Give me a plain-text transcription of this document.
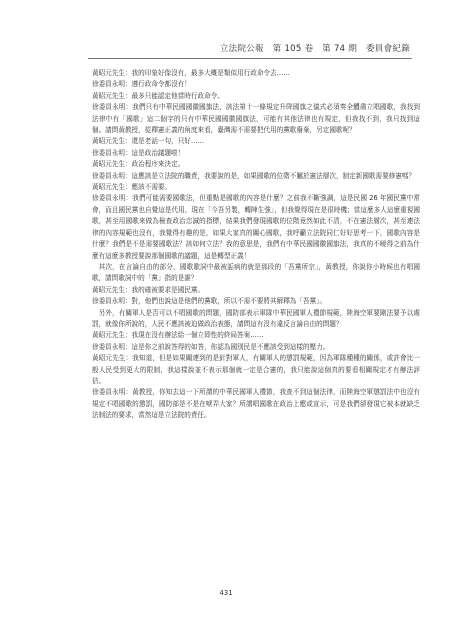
立法院公報　第 105 卷　第 74 期　委員會紀錄

黃昭元先生：我的印象好像沒有，最多大概是類似用行政命令去……

徐委員永明：遵行政命令都沒有！

黃昭元先生：最多只能認定他當時行政命令。

徐委員永明：我們只有中華民國國徽國旗法，該法第十一條規定升降國旗之儀式必須奏全體肅立唱國歌，我找到法律中有「國歌」這二個字的只有中華民國國徽國旗法，可能有其他法律也有規定，但我找不到，我只找到這個。請問黃教授，從釋憲正義的角度來看，臺灣需不需要把代用的黨歌廢棄，另定國歌呢？

黃昭元先生：還是老話一句，只好……

徐委員永明：這是政治議題啦！

黃昭元先生：政治程序來決定。

徐委員永明：這應該是立法院的職責，我要說的是，如果國歌的位階不屬於憲法層次，制定新國歌需要修憲嗎？

黃昭元先生：應該不需要。

徐委員永明：我們可能需要國歌法，但重點是國歌的內容是什麼？之前我不斷強調，這是民國 26 年國民黨中常會，而且國民黨也自覺這是代用，現在「今吾另製，轉陣生強」，但我覺得現在是很時機；當這麼多人這麼重視國歌，甚至用國歌來做為檢查政治忠誠的指標，結果我們發現國歌的位階竟然如此不清，不在憲法層次，甚至連法律的內容規範也沒有，我覺得有趣的是，如果大家真的關心國歌，我呼籲立法院同仁好好思考一下，國歌內容是什麼？我們是不是需要國歌法？該如何立法？我的意思是，我們有中華民國國徽國旗法，我真的不曉得之前為什麼有這麼多教授要說那個國歌的議題，這是轉型正義！

其次，在言論自由的部分，國歌歌詞中最被詬病的就是那段的「吾黨所宗」，黃教授，你說你小時候也有唱國歌，請問歌詞中的「黨」指的是誰？

黃昭元先生：我的確被要求是國民黨。

徐委員永明：對，他們也說這是他們的黨歌，所以不需不要將其解釋為「吾黨」。

另外，有關軍人是否可以不唱國歌的問題，國防部表示軍隊中華民國軍人禮節規範，陸海空軍要剛法要予以處罰，就像你所說的，人民不應該被迫做政治表態，請問這有沒有違反言論自由的問題？

黃昭元先生：我現在沒有辦法給一個立即性的終局答案……

徐委員永明：這是你之前說答得的如答，你認為國別民是不應該受到這樣的壓力。

黃昭元先生：我知道，但是如果關連到的是針對軍人，有關軍人的懲罰規範，因為軍隊種種的關係，或許會比一般人民受到更大的限制，我這樣說並不表示那個就一定是合憲的，我只能說這個真的要看相關規定才有辦法評估。

徐委員永明：黃教授，你知去這一下所謂的中華民國軍人禮節，我查不到這個法律，而陸海空軍懲罰法中也沒有規定不唱國歌的懲罰，國防部是不是在唬弄大家？所謂唱國歌在政治上應或宣示，可是我們卻發現它被本就缺乏法制法的要求，當然這是立法院的責任。

431
